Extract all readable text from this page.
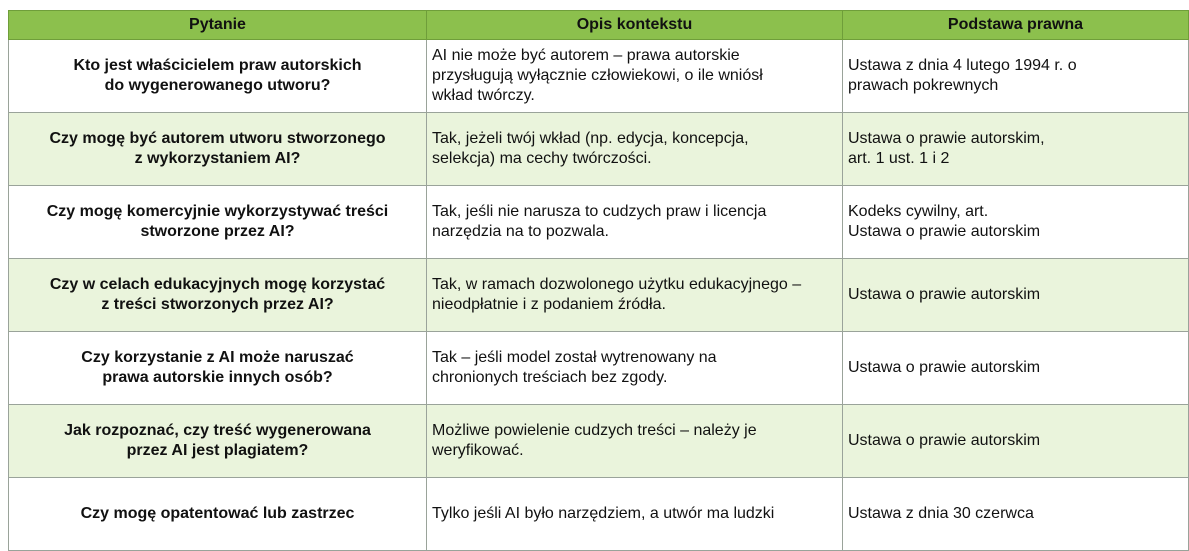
Pytanie	Opis kontekstu	Podstawa prawna

Kto jest właścicielem praw autorskich
do wygenerowanego utworu?	AI nie może być autorem – prawa autorskie
przysługują wyłącznie człowiekowi, o ile wniósł
wkład twórczy.	Ustawa z dnia 4 lutego 1994 r. o
prawach pokrewnych

Czy mogę być autorem utworu stworzonego
z wykorzystaniem AI?	Tak, jeżeli twój wkład (np. edycja, koncepcja,
selekcja) ma cechy twórczości.	Ustawa o prawie autorskim,
art. 1 ust. 1 i 2

Czy mogę komercyjnie wykorzystywać treści
stworzone przez AI?	Tak, jeśli nie narusza to cudzych praw i licencja
narzędzia na to pozwala.	Kodeks cywilny, art.
Ustawa o prawie autorskim

Czy w celach edukacyjnych mogę korzystać
z treści stworzonych przez AI?	Tak, w ramach dozwolonego użytku edukacyjnego –
nieodpłatnie i z podaniem źródła.	Ustawa o prawie autorskim

Czy korzystanie z AI może naruszać
prawa autorskie innych osób?	Tak – jeśli model został wytrenowany na
chronionych treściach bez zgody.	Ustawa o prawie autorskim

Jak rozpoznać, czy treść wygenerowana
przez AI jest plagiatem?	Możliwe powielenie cudzych treści – należy je
weryfikować.	Ustawa o prawie autorskim

Czy mogę opatentować lub zastrzec	Tylko jeśli AI było narzędziem, a utwór ma ludzki	Ustawa z dnia 30 czerwca
